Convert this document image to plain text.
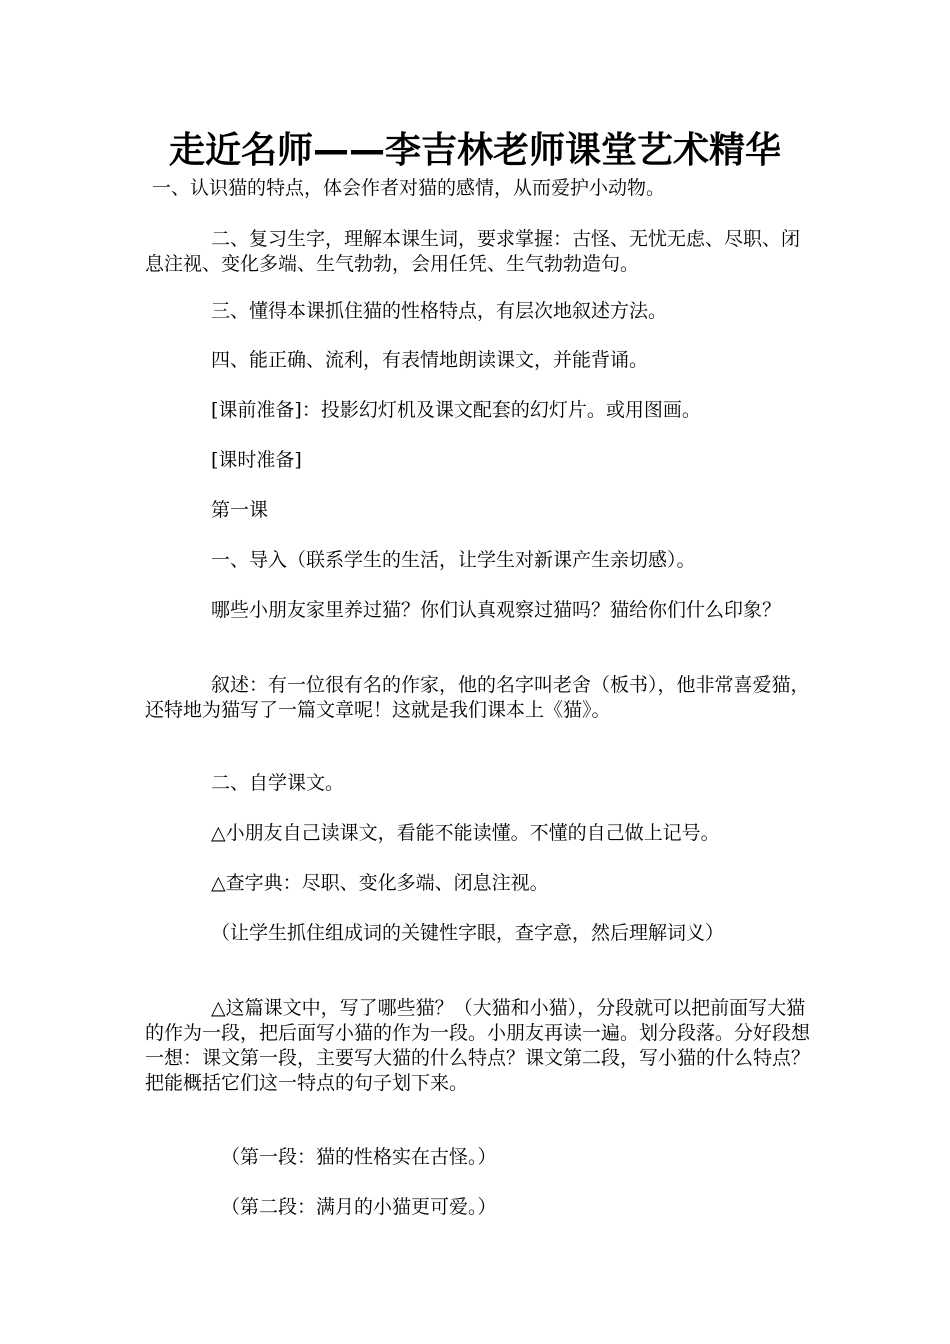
走近名师——李吉林老师课堂艺术精华

一、认识猫的特点，体会作者对猫的感情，从而爱护小动物。

二、复习生字，理解本课生词，要求掌握：古怪、无忧无虑、尽职、闭息注视、变化多端、生气勃勃，会用任凭、生气勃勃造句。

三、懂得本课抓住猫的性格特点，有层次地叙述方法。

四、能正确、流利，有表情地朗读课文，并能背诵。

[课前准备]：投影幻灯机及课文配套的幻灯片。或用图画。

[课时准备]

第一课

一、导入（联系学生的生活，让学生对新课产生亲切感）。

哪些小朋友家里养过猫？你们认真观察过猫吗？猫给你们什么印象？

叙述：有一位很有名的作家，他的名字叫老舍（板书），他非常喜爱猫，还特地为猫写了一篇文章呢！这就是我们课本上《猫》。

二、自学课文。

△小朋友自己读课文，看能不能读懂。不懂的自己做上记号。

△查字典：尽职、变化多端、闭息注视。

（让学生抓住组成词的关键性字眼，查字意，然后理解词义）

△这篇课文中，写了哪些猫？（大猫和小猫），分段就可以把前面写大猫的作为一段，把后面写小猫的作为一段。小朋友再读一遍。划分段落。分好段想一想：课文第一段，主要写大猫的什么特点？课文第二段，写小猫的什么特点？把能概括它们这一特点的句子划下来。

（第一段：猫的性格实在古怪。）

（第二段：满月的小猫更可爱。）
